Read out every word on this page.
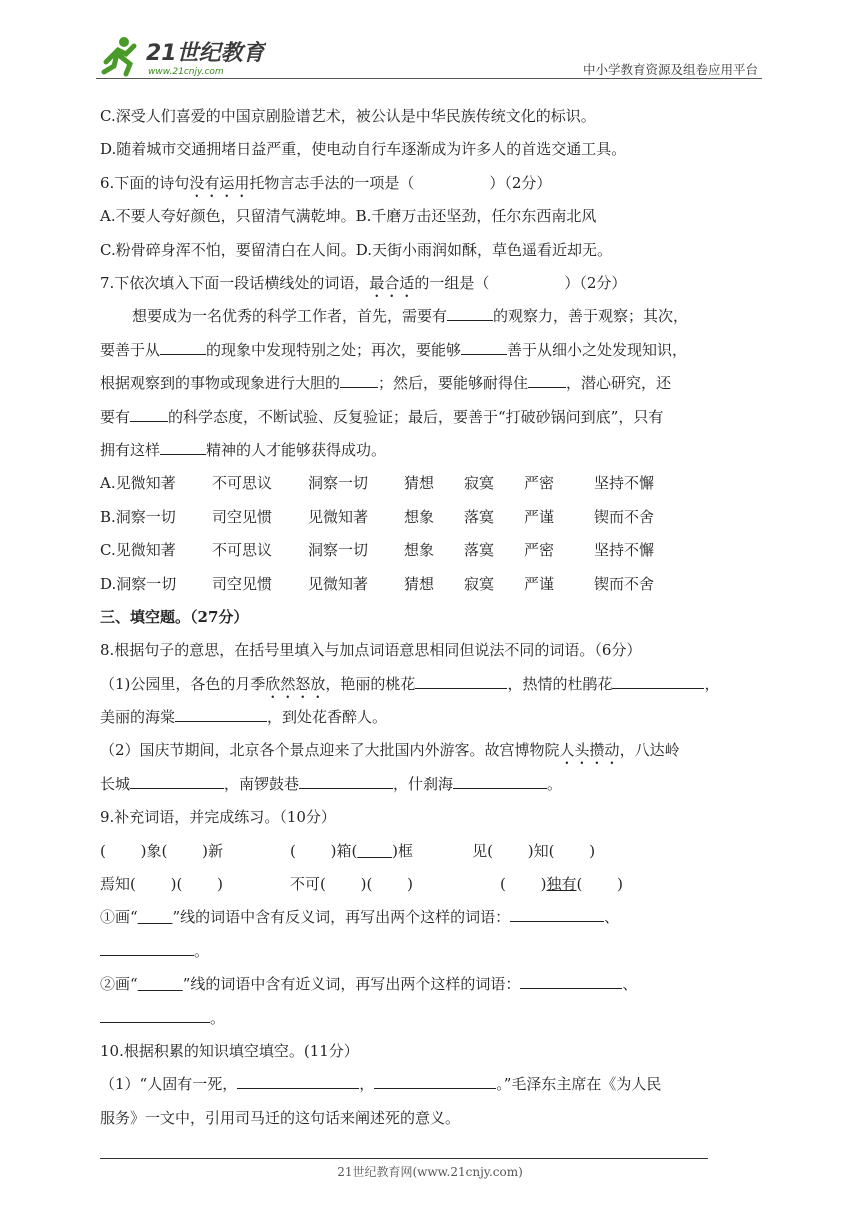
21世纪教育
www.21cnjy.com	中小学教育资源及组卷应用平台
C.深受人们喜爱的中国京剧脸谱艺术，被公认是中华民族传统文化的标识。
D.随着城市交通拥堵日益严重，使电动自行车逐渐成为许多人的首选交通工具。
6.下面的诗句没有运用托物言志手法的一项是（　　　　　）（2分）
A.不要人夸好颜色，只留清气满乾坤。B.千磨万击还坚劲，任尔东西南北风
C.粉骨碎身浑不怕，要留清白在人间。D.天街小雨润如酥，草色遥看近却无。
7.下依次填入下面一段话横线处的词语，最合适的一组是（　　　　　）（2分）
想要成为一名优秀的科学工作者，首先，需要有	的观察力，善于观察；其次，
要善于从	的现象中发现特别之处；再次，要能够	善于从细小之处发现知识，
根据观察到的事物或现象进行大胆的	；然后，要能够耐得住	，潜心研究，还
要有	的科学态度，不断试验、反复验证；最后，要善于“打破砂锅问到底”，只有
拥有这样	精神的人才能够获得成功。
A.见微知著	不可思议	洞察一切	猜想	寂寞	严密	坚持不懈
B.洞察一切	司空见惯	见微知著	想象	落寞	严谨	锲而不舍
C.见微知著	不可思议	洞察一切	想象	落寞	严密	坚持不懈
D.洞察一切	司空见惯	见微知著	猜想	寂寞	严谨	锲而不舍
三、填空题。（27分）
8.根据句子的意思，在括号里填入与加点词语意思相同但说法不同的词语。（6分）
（1)公园里，各色的月季欣然怒放，艳丽的桃花	，热情的杜鹃花	，
美丽的海棠	，到处花香醉人。
（2）国庆节期间，北京各个景点迎来了大批国内外游客。故宫博物院人头攒动，八达岭
长城	，南锣鼓巷	，什刹海	。
9.补充词语，并完成练习。（10分）
(　　 )象(　　 )新	(　　 )箱(　　 )框	见(　　 )知(　　 )
焉知(　　 )(　　 )	不可(　　 )(　　 )	(　　 )独有(　　 )
①画“　　 ”线的词语中含有反义词，再写出两个这样的词语：	、
。
②画“　　　	”线的词语中含有近义词，再写出两个这样的词语：	、
。
10.根据积累的知识填空填空。(11分）
（1）“人固有一死，	，	。”毛泽东主席在《为人民
服务》一文中，引用司马迁的这句话来阐述死的意义。
21世纪教育网(www.21cnjy.com)
